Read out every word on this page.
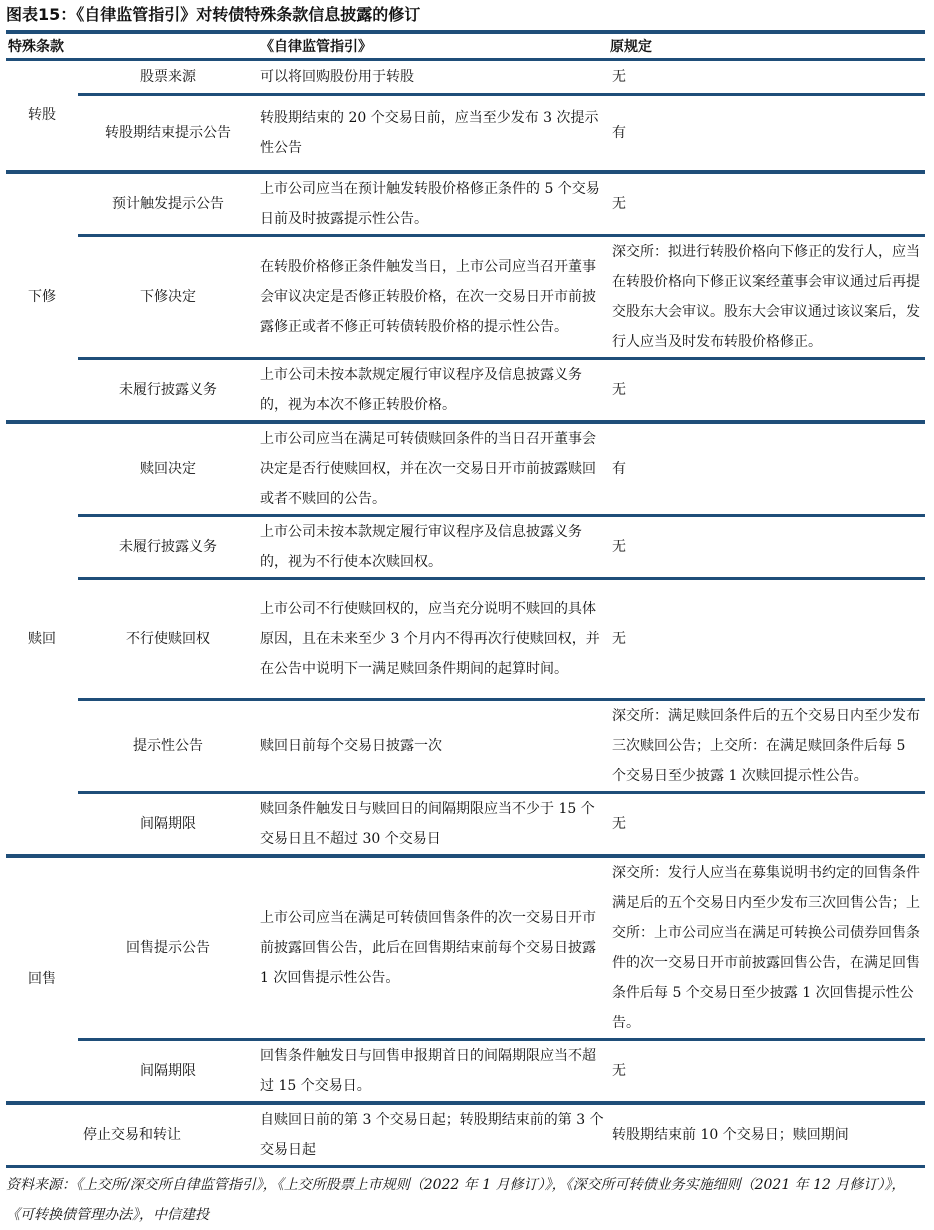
图表15：《自律监管指引》对转债特殊条款信息披露的修订
特殊条款		《自律监管指引》	原规定
转股	股票来源	可以将回购股份用于转股	无
	转股期结束提示公告	转股期结束的 20 个交易日前，应当至少发布 3 次提示性公告	有
下修	预计触发提示公告	上市公司应当在预计触发转股价格修正条件的 5 个交易日前及时披露提示性公告。	无
	下修决定	在转股价格修正条件触发当日，上市公司应当召开董事会审议决定是否修正转股价格，在次一交易日开市前披露修正或者不修正可转债转股价格的提示性公告。	深交所：拟进行转股价格向下修正的发行人，应当在转股价格向下修正议案经董事会审议通过后再提交股东大会审议。股东大会审议通过该议案后，发行人应当及时发布转股价格修正。
	未履行披露义务	上市公司未按本款规定履行审议程序及信息披露义务的，视为本次不修正转股价格。	无
赎回	赎回决定	上市公司应当在满足可转债赎回条件的当日召开董事会决定是否行使赎回权，并在次一交易日开市前披露赎回或者不赎回的公告。	有
	未履行披露义务	上市公司未按本款规定履行审议程序及信息披露义务的，视为不行使本次赎回权。	无
	不行使赎回权	上市公司不行使赎回权的，应当充分说明不赎回的具体原因，且在未来至少 3 个月内不得再次行使赎回权，并在公告中说明下一满足赎回条件期间的起算时间。	无
	提示性公告	赎回日前每个交易日披露一次	深交所：满足赎回条件后的五个交易日内至少发布三次赎回公告；上交所：在满足赎回条件后每 5 个交易日至少披露 1 次赎回提示性公告。
	间隔期限	赎回条件触发日与赎回日的间隔期限应当不少于 15 个交易日且不超过 30 个交易日	无
回售	回售提示公告	上市公司应当在满足可转债回售条件的次一交易日开市前披露回售公告，此后在回售期结束前每个交易日披露 1 次回售提示性公告。	深交所：发行人应当在募集说明书约定的回售条件满足后的五个交易日内至少发布三次回售公告；上交所：上市公司应当在满足可转换公司债券回售条件的次一交易日开市前披露回售公告，在满足回售条件后每 5 个交易日至少披露 1 次回售提示性公告。
	间隔期限	回售条件触发日与回售申报期首日的间隔期限应当不超过 15 个交易日。	无
停止交易和转让		自赎回日前的第 3 个交易日起；转股期结束前的第 3 个交易日起	转股期结束前 10 个交易日；赎回期间
资料来源：《上交所/深交所自律监管指引》，《上交所股票上市规则（2022 年 1 月修订）》，《深交所可转债业务实施细则（2021 年 12 月修订）》，《可转换债管理办法》，中信建投
